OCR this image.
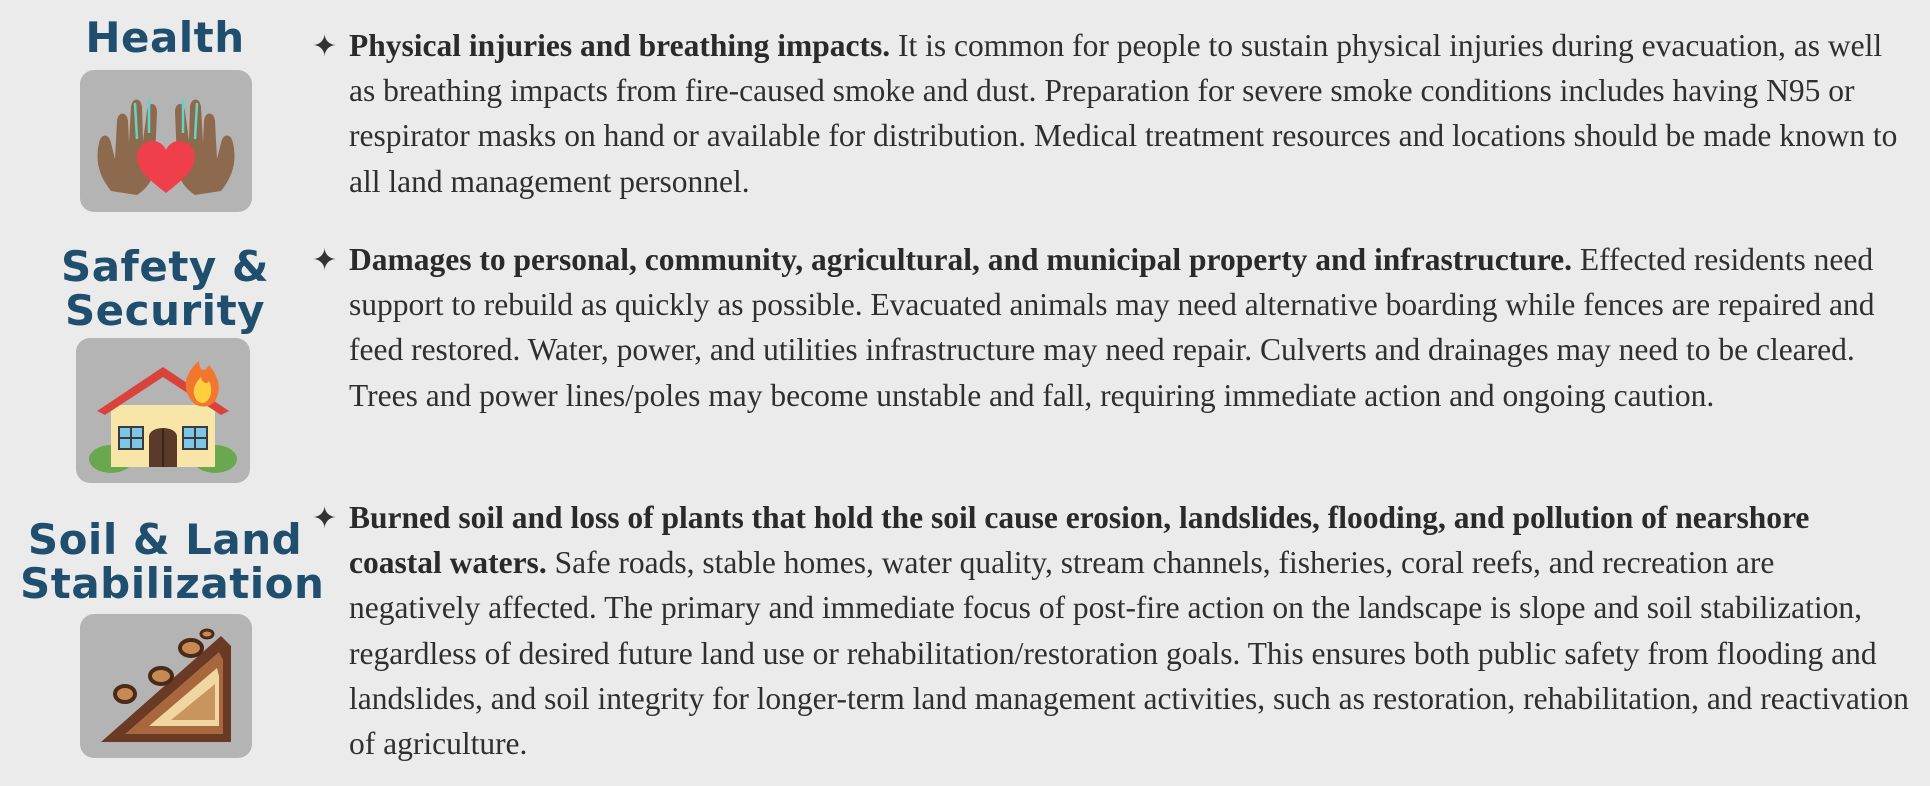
Health	✦ Physical injuries and breathing impacts. It is common for people to sustain physical injuries during evacuation, as well as breathing impacts from fire-caused smoke and dust. Preparation for severe smoke conditions includes having N95 or respirator masks on hand or available for distribution. Medical treatment resources and locations should be made known to all land management personnel.
Safety &
Security
✦ Damages to personal, community, agricultural, and municipal property and infrastructure. Effected residents need support to rebuild as quickly as possible. Evacuated animals may need alternative boarding while fences are repaired and feed restored. Water, power, and utilities infrastructure may need repair. Culverts and drainages may need to be cleared. Trees and power lines/poles may become unstable and fall, requiring immediate action and ongoing caution.
Soil & Land
Stabilization
✦ Burned soil and loss of plants that hold the soil cause erosion, landslides, flooding, and pollution of nearshore coastal waters. Safe roads, stable homes, water quality, stream channels, fisheries, coral reefs, and recreation are negatively affected. The primary and immediate focus of post-fire action on the landscape is slope and soil stabilization, regardless of desired future land use or rehabilitation/restoration goals. This ensures both public safety from flooding and landslides, and soil integrity for longer-term land management activities, such as restoration, rehabilitation, and reactivation of agriculture.
